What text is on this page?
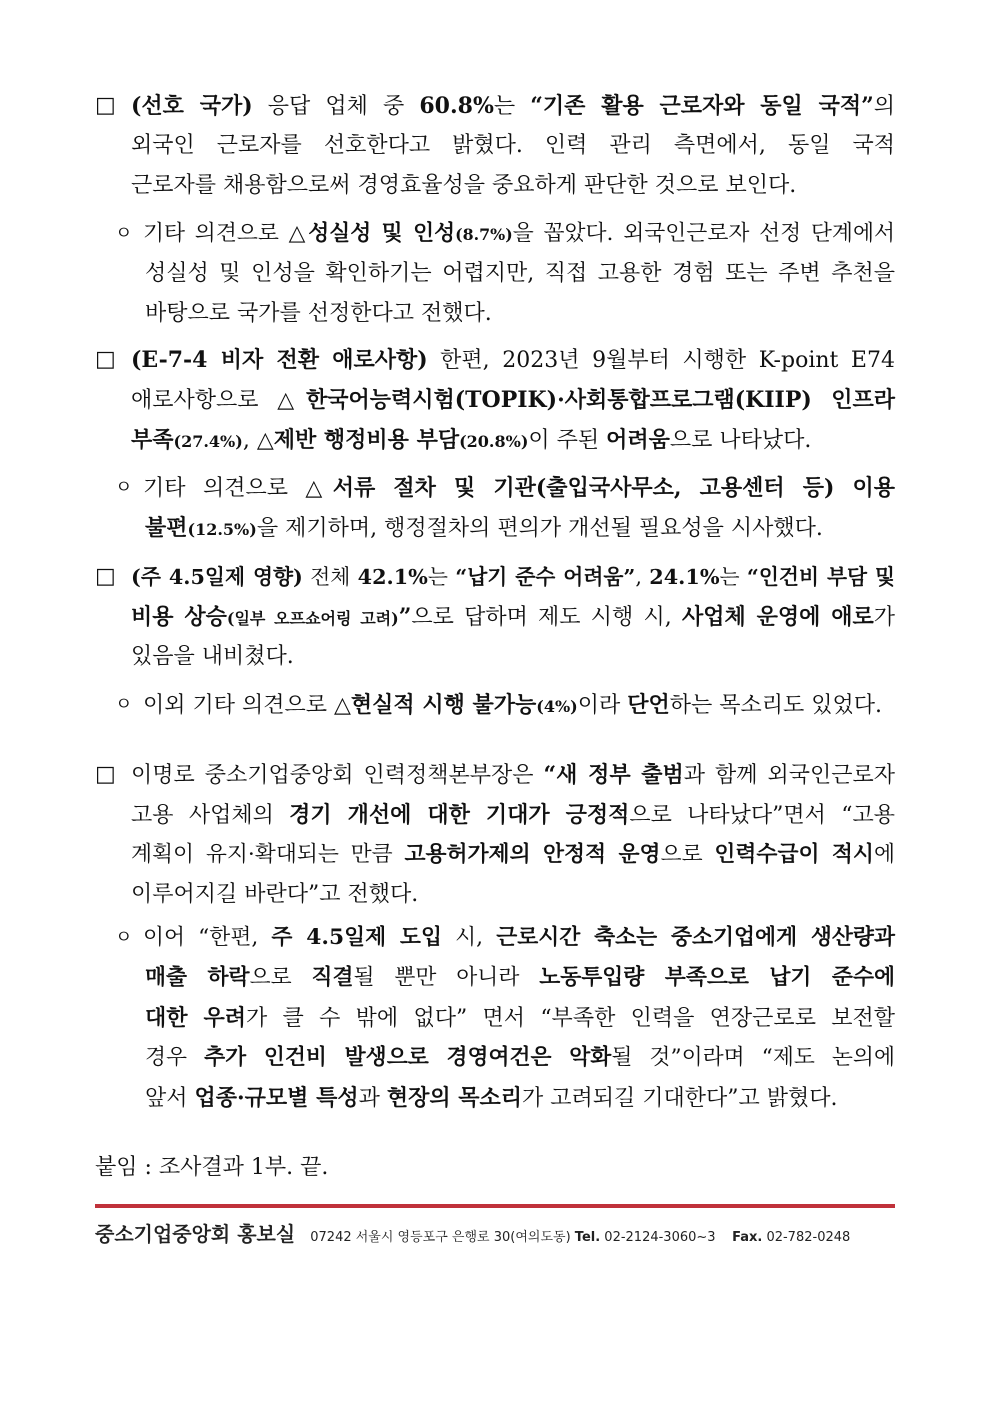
□ (선호 국가) 응답 업체 중 60.8%는 “기존 활용 근로자와 동일 국적”의
외국인 근로자를 선호한다고 밝혔다. 인력 관리 측면에서, 동일 국적
근로자를 채용함으로써 경영효율성을 중요하게 판단한 것으로 보인다.
ㅇ 기타 의견으로 △성실성 및 인성(8.7%)을 꼽았다. 외국인근로자 선정 단계에서
성실성 및 인성을 확인하기는 어렵지만, 직접 고용한 경험 또는 주변 추천을
바탕으로 국가를 선정한다고 전했다.
□ (E-7-4 비자 전환 애로사항) 한편, 2023년 9월부터 시행한 K-point E74
애로사항으로 △한국어능력시험(TOPIK)·사회통합프로그램(KIIP) 인프라
부족(27.4%), △제반 행정비용 부담(20.8%)이 주된 어려움으로 나타났다.
ㅇ 기타 의견으로 △서류 절차 및 기관(출입국사무소, 고용센터 등) 이용
불편(12.5%)을 제기하며, 행정절차의 편의가 개선될 필요성을 시사했다.
□ (주 4.5일제 영향) 전체 42.1%는 “납기 준수 어려움”, 24.1%는 “인건비 부담 및
비용 상승(일부 오프쇼어링 고려)”으로 답하며 제도 시행 시, 사업체 운영에 애로가
있음을 내비쳤다.
ㅇ 이외 기타 의견으로 △현실적 시행 불가능(4%)이라 단언하는 목소리도 있었다.
□ 이명로 중소기업중앙회 인력정책본부장은 “새 정부 출범과 함께 외국인근로자
고용 사업체의 경기 개선에 대한 기대가 긍정적으로 나타났다”면서 “고용
계획이 유지·확대되는 만큼 고용허가제의 안정적 운영으로 인력수급이 적시에
이루어지길 바란다”고 전했다.
ㅇ 이어 “한편, 주 4.5일제 도입 시, 근로시간 축소는 중소기업에게 생산량과
매출 하락으로 직결될 뿐만 아니라 노동투입량 부족으로 납기 준수에
대한 우려가 클 수 밖에 없다” 면서 “부족한 인력을 연장근로로 보전할
경우 추가 인건비 발생으로 경영여건은 악화될 것”이라며 “제도 논의에
앞서 업종·규모별 특성과 현장의 목소리가 고려되길 기대한다”고 밝혔다.
붙임 : 조사결과 1부. 끝.
중소기업중앙회 홍보실 07242 서울시 영등포구 은행로 30(여의도동) Tel. 02-2124-3060~3 Fax. 02-782-0248
